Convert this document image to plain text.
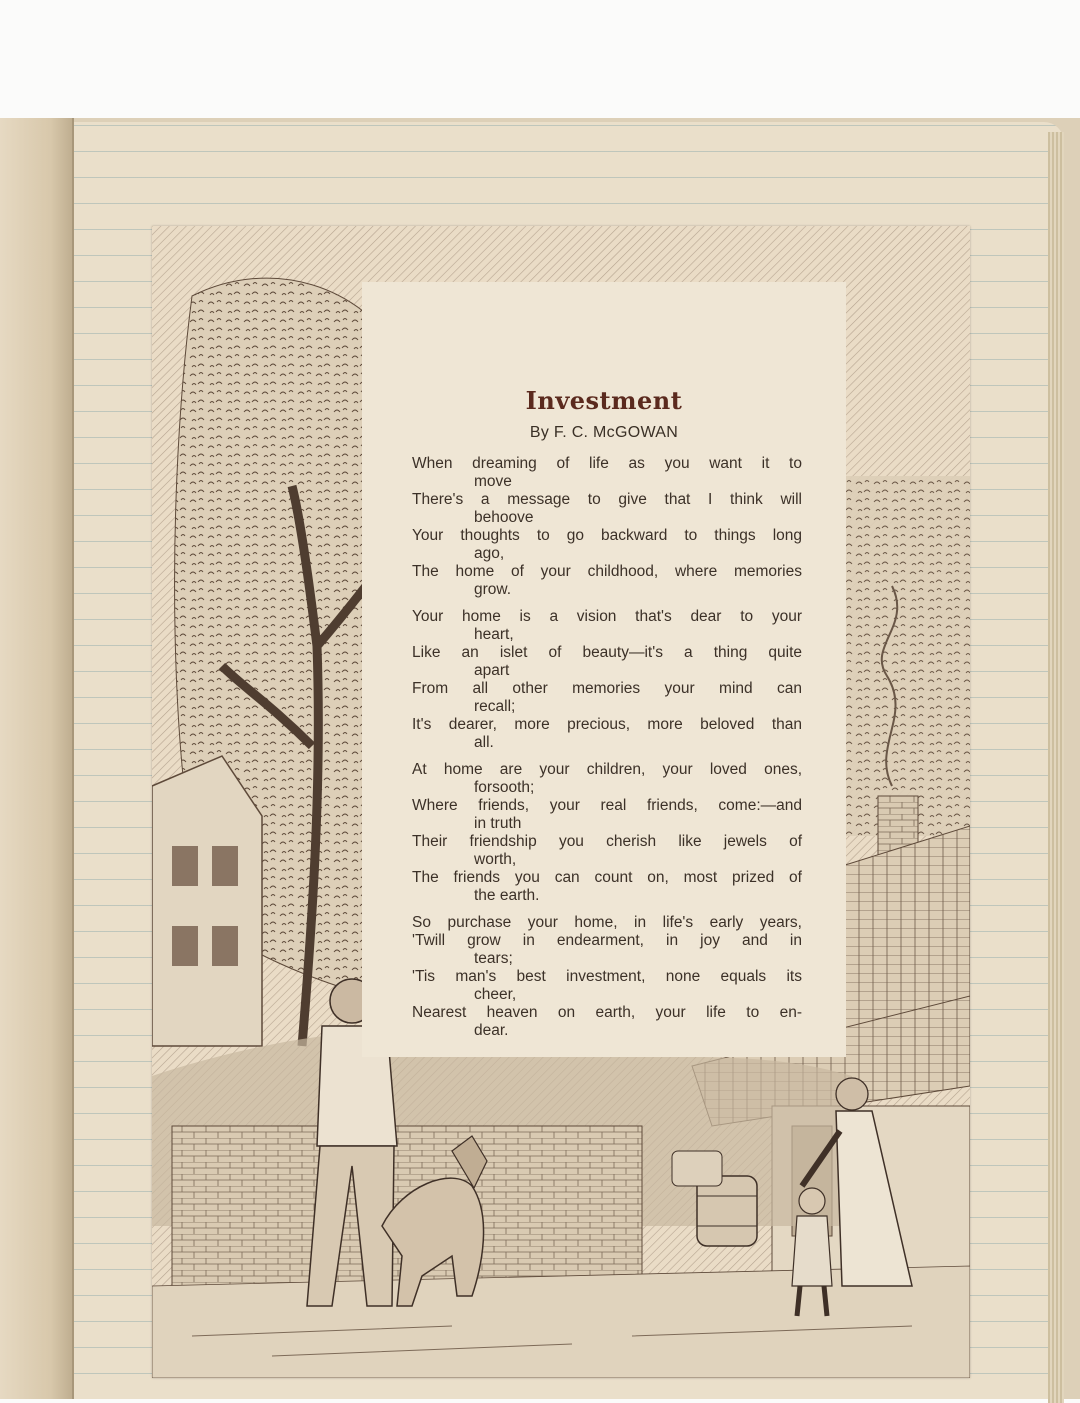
Investment
By F. C. McGOWAN
When dreaming of life as you want it to
move
There's a message to give that I think will
behoove
Your thoughts to go backward to things long
ago,
The home of your childhood, where memories
grow.
Your home is a vision that's dear to your
heart,
Like an islet of beauty—it's a thing quite
apart
From all other memories your mind can
recall;
It's dearer, more precious, more beloved than
all.
At home are your children, your loved ones,
forsooth;
Where friends, your real friends, come:—and
in truth
Their friendship you cherish like jewels of
worth,
The friends you can count on, most prized of
the earth.
So purchase your home, in life's early years,
'Twill grow in endearment, in joy and in
tears;
'Tis man's best investment, none equals its
cheer,
Nearest heaven on earth, your life to en-
dear.
